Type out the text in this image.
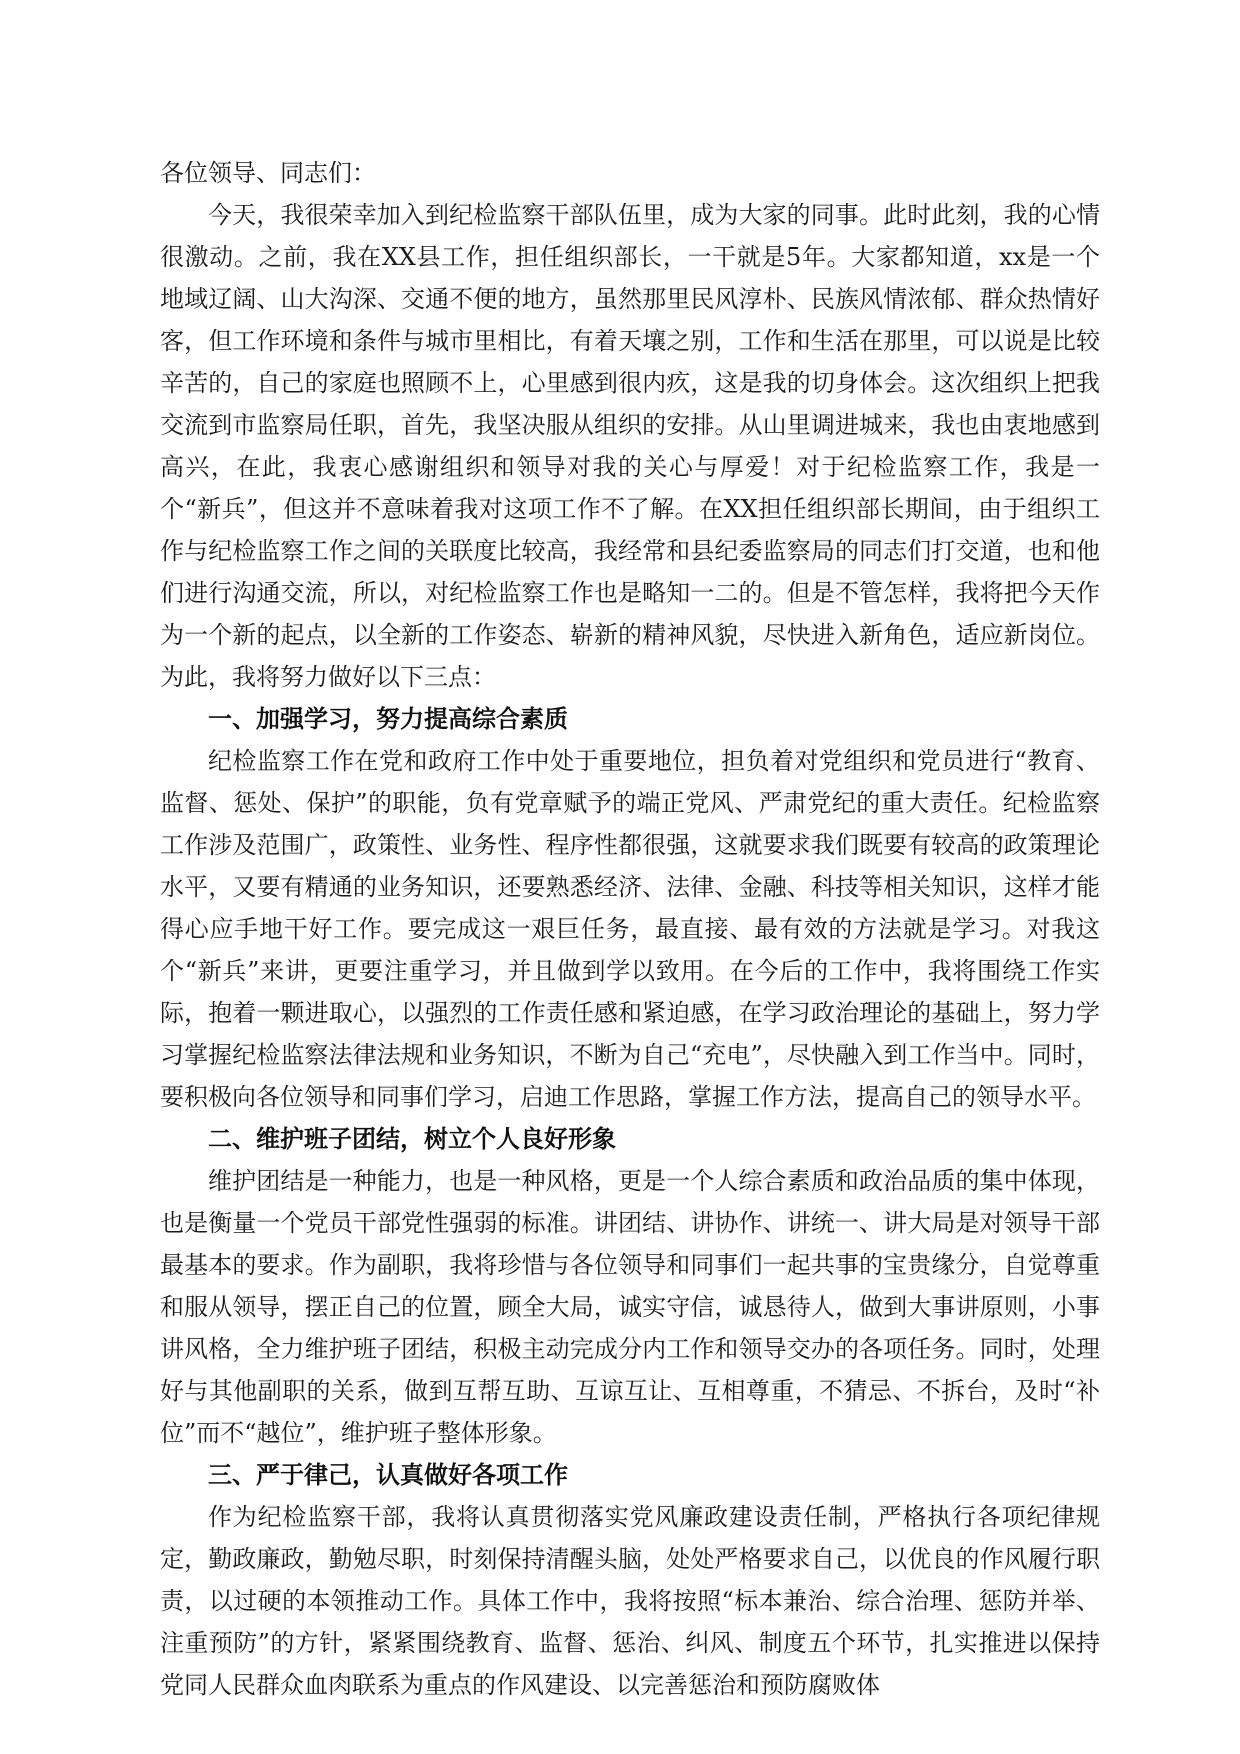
各位领导、同志们：

今天，我很荣幸加入到纪检监察干部队伍里，成为大家的同事。此时此刻，我的心情很激动。之前，我在XX县工作，担任组织部长，一干就是5年。大家都知道，xx是一个地域辽阔、山大沟深、交通不便的地方，虽然那里民风淳朴、民族风情浓郁、群众热情好客，但工作环境和条件与城市里相比，有着天壤之别，工作和生活在那里，可以说是比较辛苦的，自己的家庭也照顾不上，心里感到很内疚，这是我的切身体会。这次组织上把我交流到市监察局任职，首先，我坚决服从组织的安排。从山里调进城来，我也由衷地感到高兴，在此，我衷心感谢组织和领导对我的关心与厚爱！对于纪检监察工作，我是一个“新兵”，但这并不意味着我对这项工作不了解。在XX担任组织部长期间，由于组织工作与纪检监察工作之间的关联度比较高，我经常和县纪委监察局的同志们打交道，也和他们进行沟通交流，所以，对纪检监察工作也是略知一二的。但是不管怎样，我将把今天作为一个新的起点，以全新的工作姿态、崭新的精神风貌，尽快进入新角色，适应新岗位。为此，我将努力做好以下三点：

一、加强学习，努力提高综合素质

纪检监察工作在党和政府工作中处于重要地位，担负着对党组织和党员进行“教育、监督、惩处、保护”的职能，负有党章赋予的端正党风、严肃党纪的重大责任。纪检监察工作涉及范围广，政策性、业务性、程序性都很强，这就要求我们既要有较高的政策理论水平，又要有精通的业务知识，还要熟悉经济、法律、金融、科技等相关知识，这样才能得心应手地干好工作。要完成这一艰巨任务，最直接、最有效的方法就是学习。对我这个“新兵”来讲，更要注重学习，并且做到学以致用。在今后的工作中，我将围绕工作实际，抱着一颗进取心，以强烈的工作责任感和紧迫感，在学习政治理论的基础上，努力学习掌握纪检监察法律法规和业务知识，不断为自己“充电”，尽快融入到工作当中。同时，要积极向各位领导和同事们学习，启迪工作思路，掌握工作方法，提高自己的领导水平。

二、维护班子团结，树立个人良好形象

维护团结是一种能力，也是一种风格，更是一个人综合素质和政治品质的集中体现，也是衡量一个党员干部党性强弱的标准。讲团结、讲协作、讲统一、讲大局是对领导干部最基本的要求。作为副职，我将珍惜与各位领导和同事们一起共事的宝贵缘分，自觉尊重和服从领导，摆正自己的位置，顾全大局，诚实守信，诚恳待人，做到大事讲原则，小事讲风格，全力维护班子团结，积极主动完成分内工作和领导交办的各项任务。同时，处理好与其他副职的关系，做到互帮互助、互谅互让、互相尊重，不猜忌、不拆台，及时“补位”而不“越位”，维护班子整体形象。

三、严于律己，认真做好各项工作

作为纪检监察干部，我将认真贯彻落实党风廉政建设责任制，严格执行各项纪律规定，勤政廉政，勤勉尽职，时刻保持清醒头脑，处处严格要求自己，以优良的作风履行职责，以过硬的本领推动工作。具体工作中，我将按照“标本兼治、综合治理、惩防并举、注重预防”的方针，紧紧围绕教育、监督、惩治、纠风、制度五个环节，扎实推进以保持党同人民群众血肉联系为重点的作风建设、以完善惩治和预防腐败体
